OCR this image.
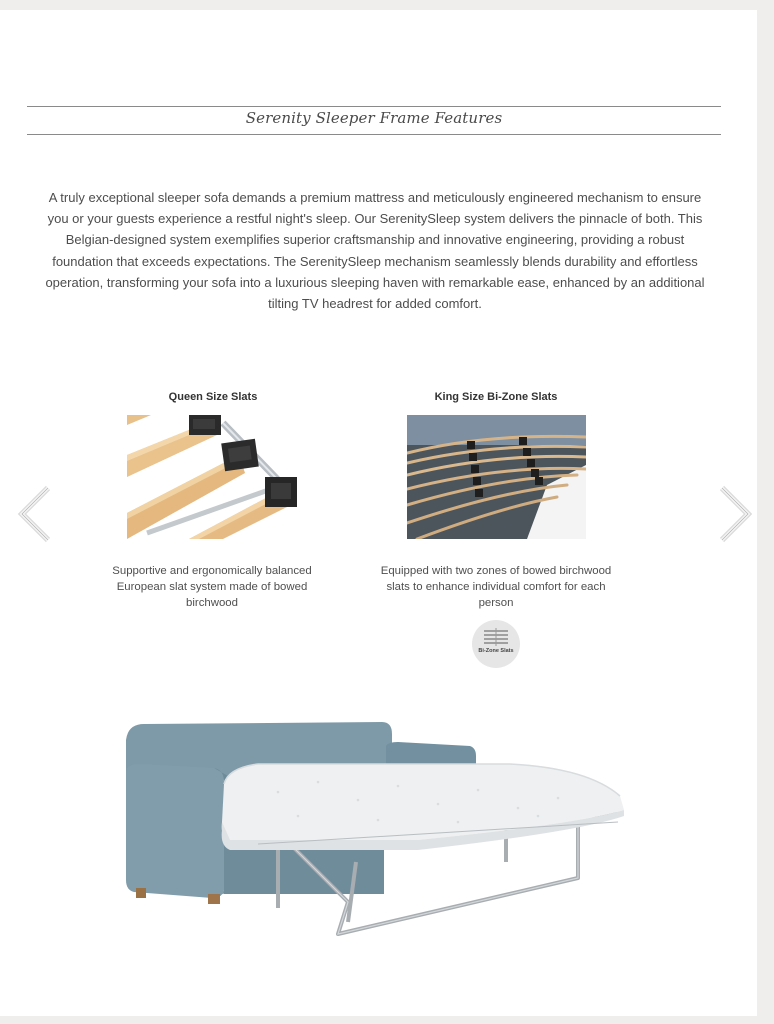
Serenity Sleeper Frame Features

A truly exceptional sleeper sofa demands a premium mattress and meticulously engineered mechanism to ensure you or your guests experience a restful night's sleep. Our SerenitySleep system delivers the pinnacle of both. This Belgian-designed system exemplifies superior craftsmanship and innovative engineering, providing a robust foundation that exceeds expectations. The SerenitySleep mechanism seamlessly blends durability and effortless operation, transforming your sofa into a luxurious sleeping haven with remarkable ease, enhanced by an additional tilting TV headrest for added comfort.

Queen Size Slats

Supportive and ergonomically balanced European slat system made of bowed birchwood

King Size Bi-Zone Slats

Equipped with two zones of bowed birchwood slats to enhance individual comfort for each person

Bi-Zone Slats
